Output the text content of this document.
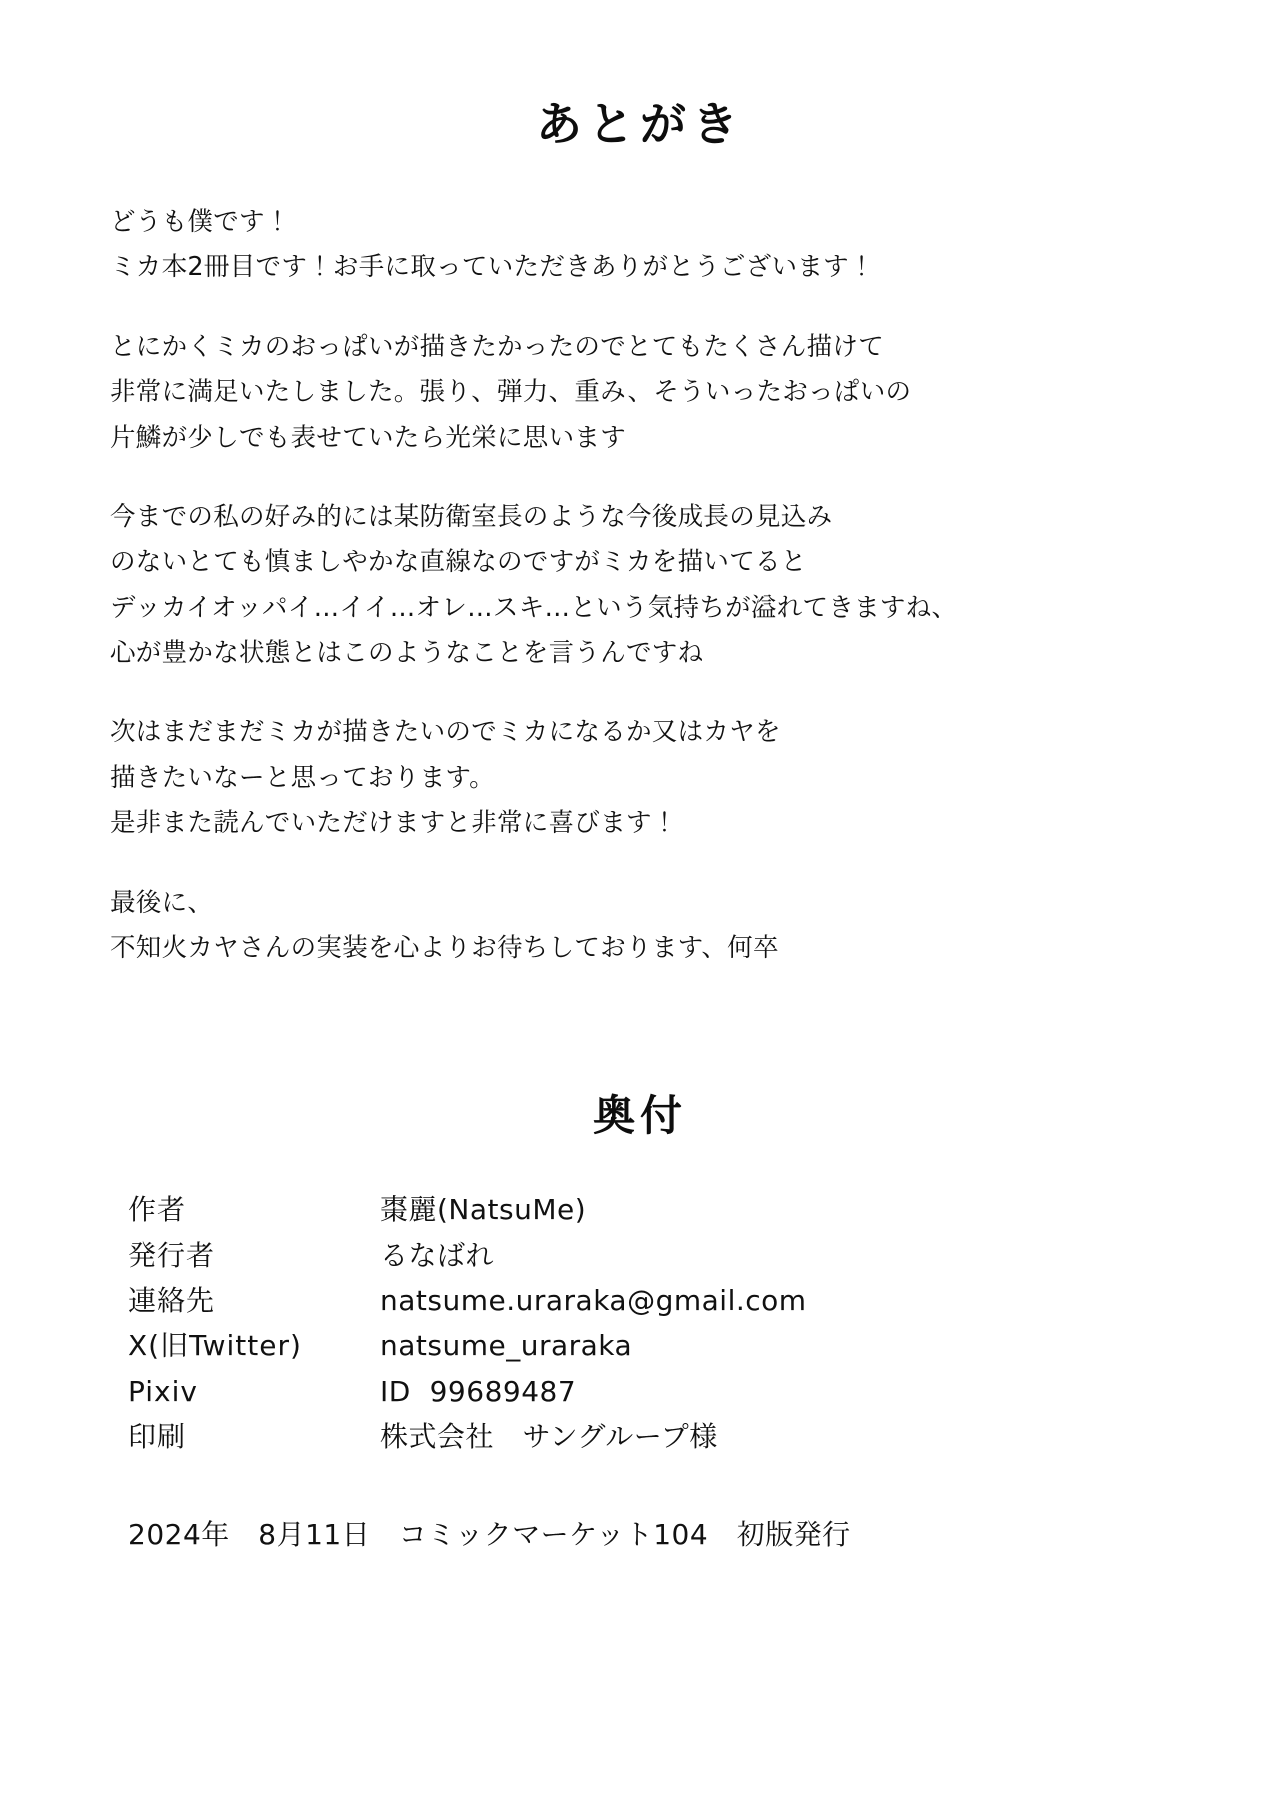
あとがき

どうも僕です！
ミカ本2冊目です！お手に取っていただきありがとうございます！

とにかくミカのおっぱいが描きたかったのでとてもたくさん描けて
非常に満足いたしました。張り、弾力、重み、そういったおっぱいの
片鱗が少しでも表せていたら光栄に思います

今までの私の好み的には某防衛室長のような今後成長の見込み
のないとても慎ましやかな直線なのですがミカを描いてると
デッカイオッパイ…イイ…オレ…スキ…という気持ちが溢れてきますね、
心が豊かな状態とはこのようなことを言うんですね

次はまだまだミカが描きたいのでミカになるか又はカヤを
描きたいなーと思っております。
是非また読んでいただけますと非常に喜びます！

最後に、
不知火カヤさんの実装を心よりお待ちしております、何卒

奥付
作者	棗麗(NatsuMe)
発行者	るなばれ
連絡先	natsume.uraraka@gmail.com
X(旧Twitter)	natsume_uraraka
Pixiv	ID  99689487
印刷	株式会社　サングループ様

2024年　8月11日　コミックマーケット104　初版発行
